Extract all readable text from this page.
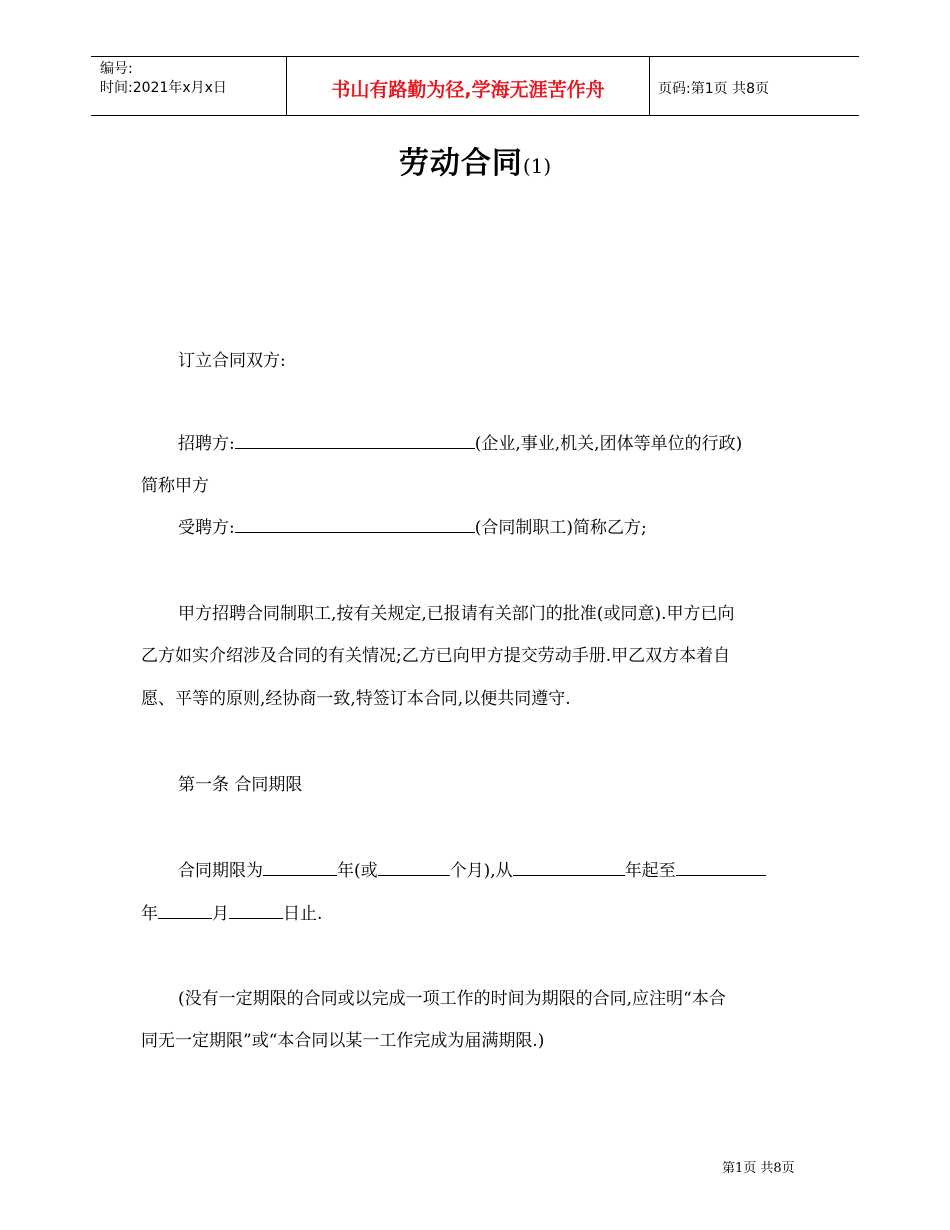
编号:
时间:2021年x月x日	书山有路勤为径,学海无涯苦作舟	页码:第1页 共8页
劳动合同(1)
订立合同双方:
招聘方:	(企业,事业,机关,团体等单位的行政)
简称甲方
受聘方:	(合同制职工)简称乙方;
甲方招聘合同制职工,按有关规定,已报请有关部门的批准(或同意).甲方已向
乙方如实介绍涉及合同的有关情况;乙方已向甲方提交劳动手册.甲乙双方本着自
愿、平等的原则,经协商一致,特签订本合同,以便共同遵守.
第一条 合同期限
合同期限为	年(或	个月),从	年起至
年	月	日止.
(没有一定期限的合同或以完成一项工作的时间为期限的合同,应注明“本合
同无一定期限”或“本合同以某一工作完成为届满期限.)
第1页 共8页
